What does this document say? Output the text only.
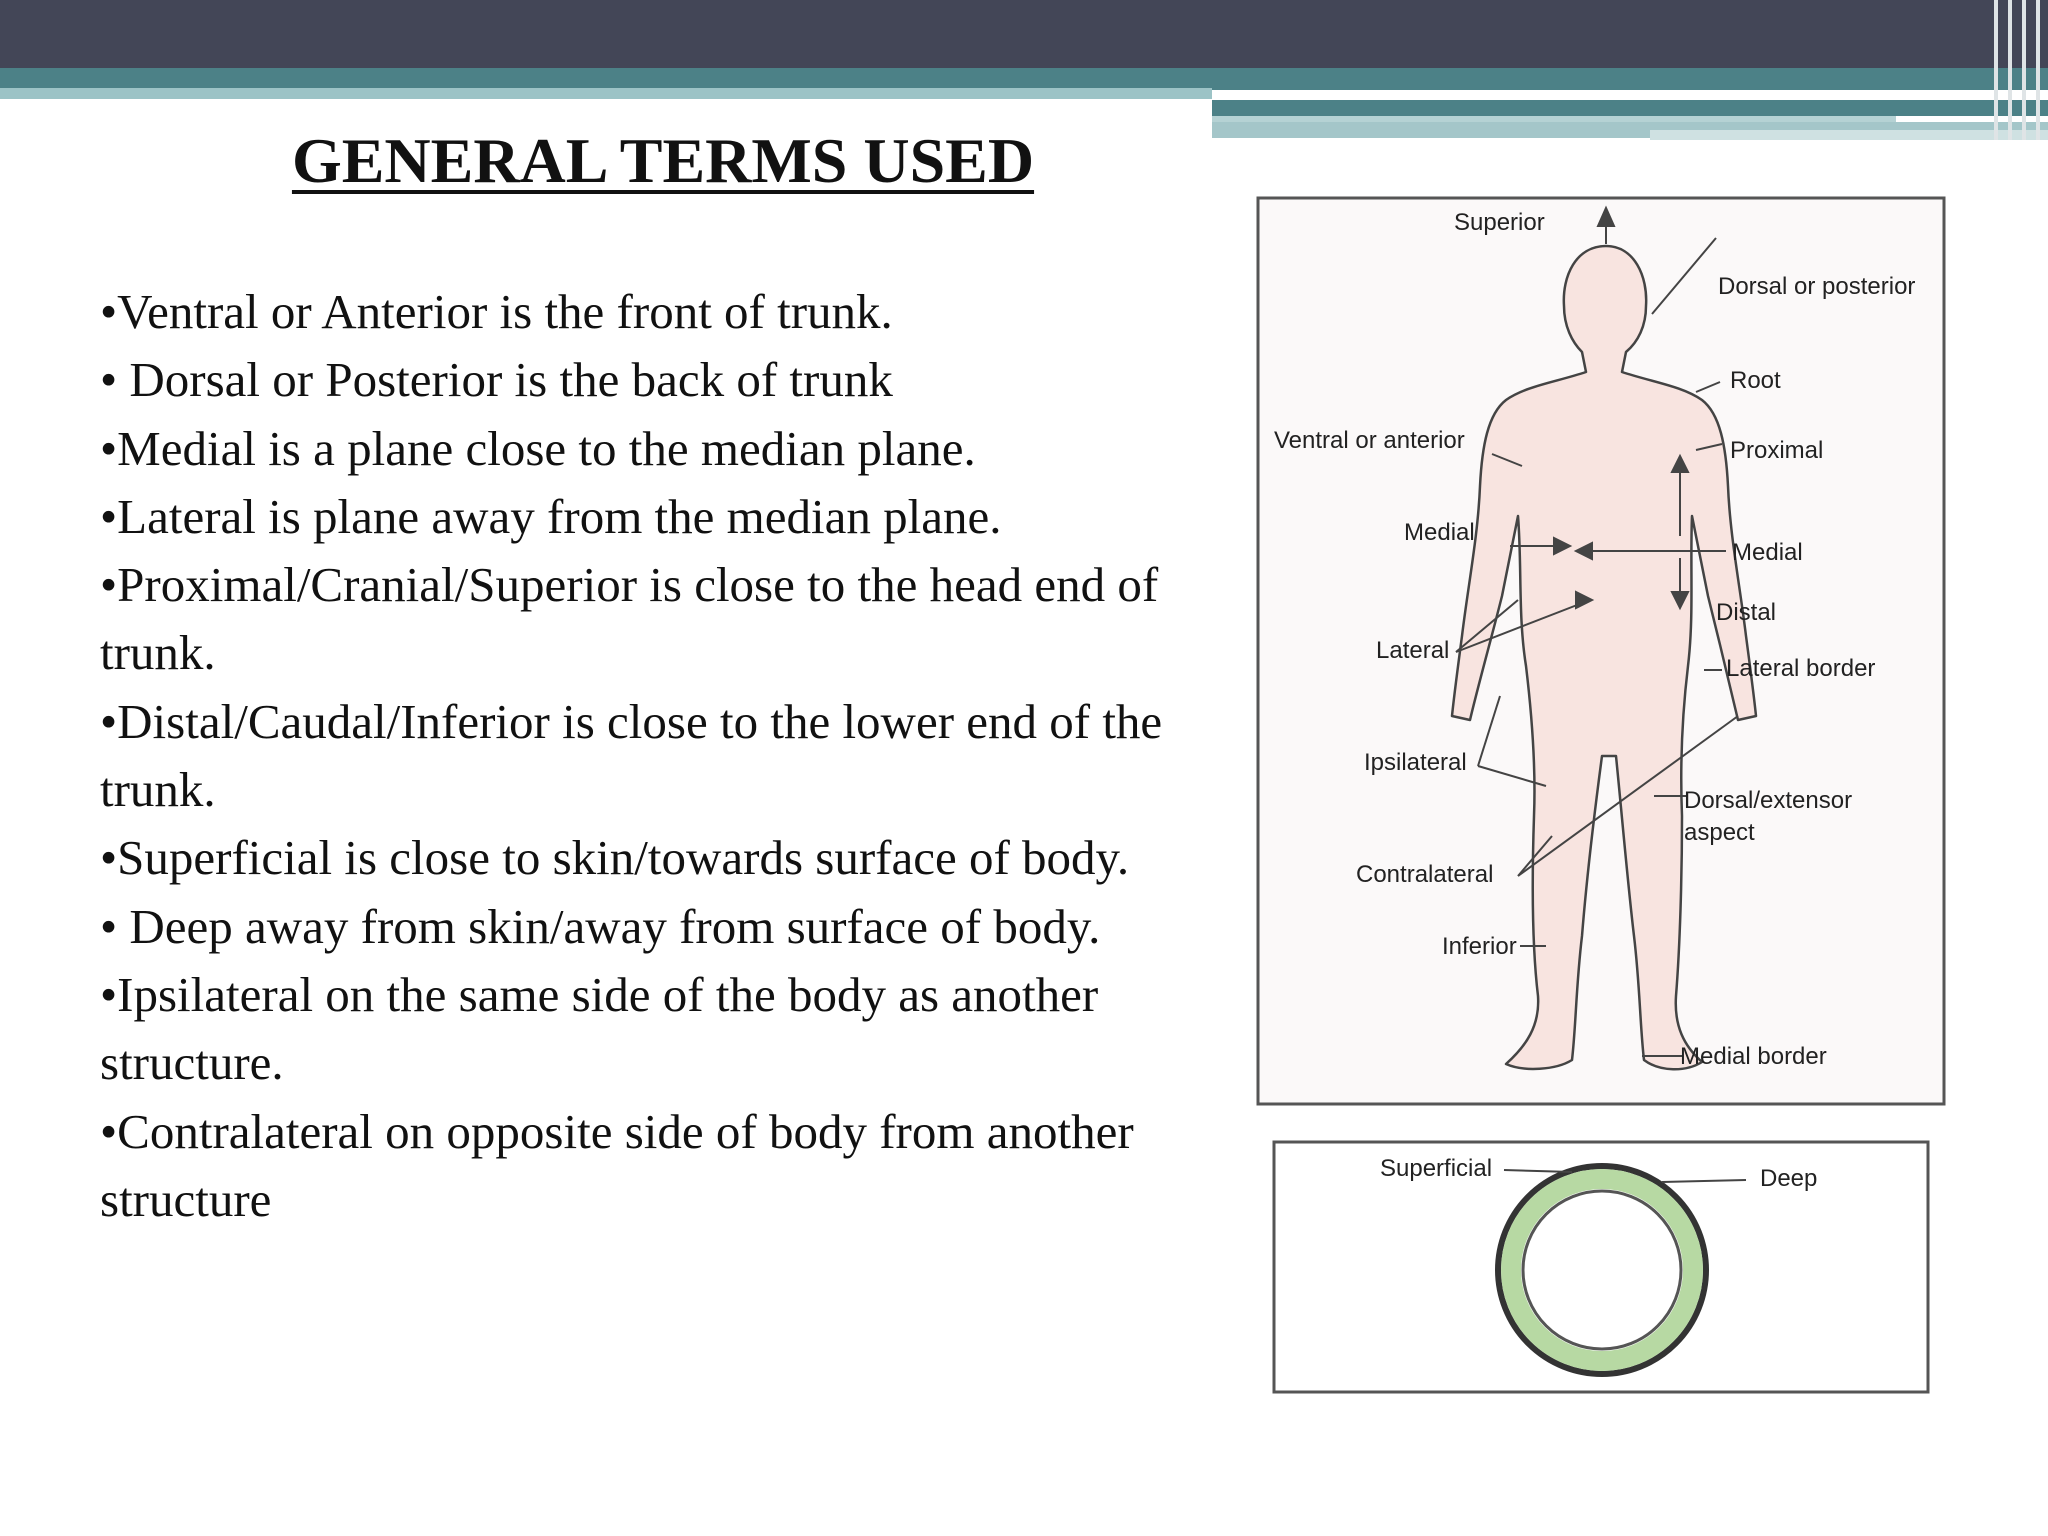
GENERAL TERMS USED

•Ventral or Anterior is the front of trunk.

• Dorsal or Posterior is the back of trunk

•Medial is a plane close to the median plane.

•Lateral is plane away from the median plane.

•Proximal/Cranial/Superior is close to the head end of trunk.

•Distal/Caudal/Inferior is close to the lower end of the trunk.

•Superficial is close to skin/towards surface of body.

• Deep away from skin/away from surface of body.

•Ipsilateral on the same side of the body as another structure.

•Contralateral on opposite side of body from another structure

Superior
Dorsal or posterior
Root
Ventral or anterior	Proximal
Medial
Medial
Distal
Lateral
Lateral border
Ipsilateral
Dorsal/extensor
aspect
Contralateral
Inferior
Medial border
Superficial	Deep
